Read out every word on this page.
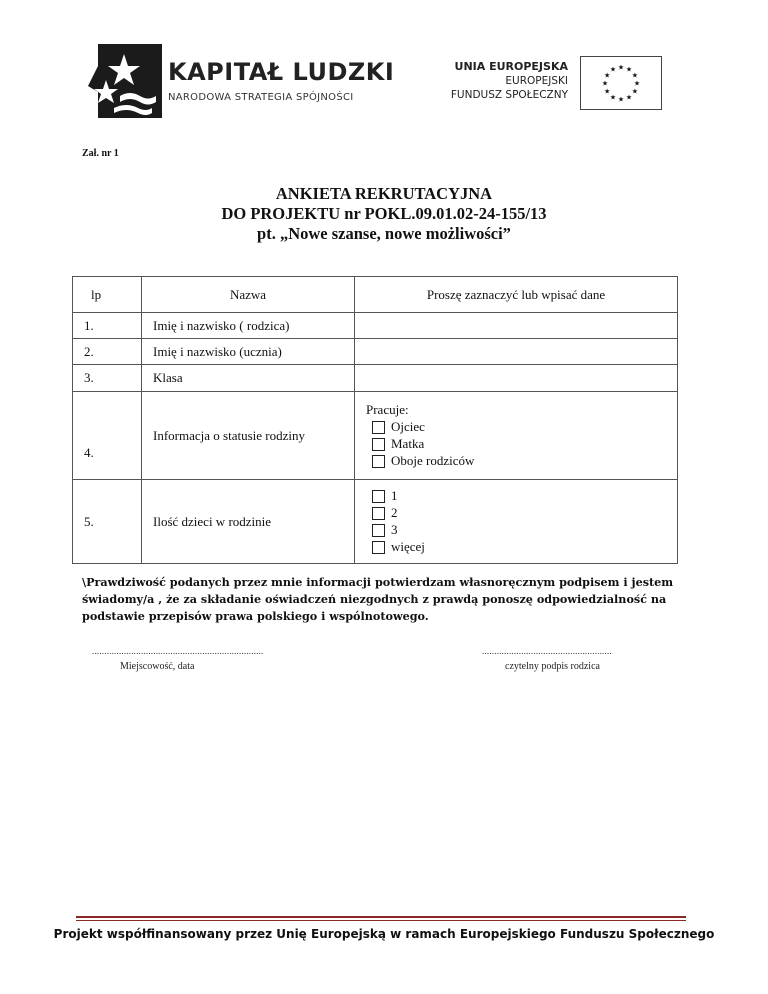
KAPITAŁ LUDZKI
NARODOWA STRATEGIA SPÓJNOŚCI
UNIA EUROPEJSKA
EUROPEJSKI
FUNDUSZ SPOŁECZNY
★ ★
★
★
★
★
★
★
★
★
★
★
Zał. nr 1
ANKIETA REKRUTACYJNA
DO PROJEKTU nr POKL.09.01.02-24-155/13
pt. „Nowe szanse, nowe możliwości”
lp	Nazwa	Proszę zaznaczyć lub wpisać dane
1.	Imię i nazwisko ( rodzica)	
2.	Imię i nazwisko (ucznia)	
3.	Klasa	
4.	Informacja o statusie rodziny	Pracuje:
Ojciec
Matka
Oboje rodziców

5.	Ilość dzieci w rodzinie	1
2
3
więcej
\Prawdziwość podanych przez mnie informacji potwierdzam własnoręcznym podpisem i jestem świadomy/a , że za składanie oświadczeń niezgodnych z prawdą ponoszę odpowiedzialność na podstawie przepisów prawa polskiego i wspólnotowego.
......................................................................
Miejscowość, data
.....................................................
czytelny podpis rodzica
Projekt współfinansowany przez Unię Europejską w ramach Europejskiego Funduszu Społecznego
